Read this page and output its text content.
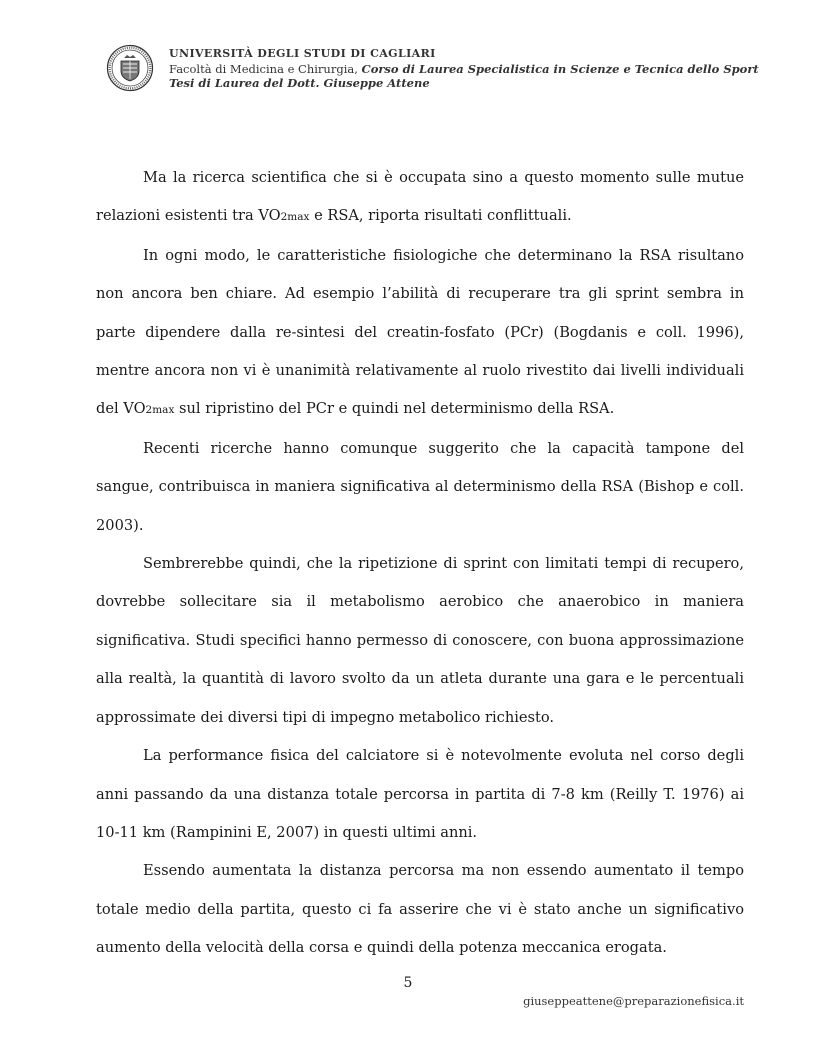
UNIVERSITÀ DEGLI STUDI DI CAGLIARI
Facoltà di Medicina e Chirurgia, Corso di Laurea Specialistica in Scienze e Tecnica dello Sport
Tesi di Laurea del Dott. Giuseppe Attene

Ma la ricerca scientifica che si è occupata sino a questo momento sulle mutue relazioni esistenti tra VO2max e RSA, riporta risultati conflittuali.

In ogni modo, le caratteristiche fisiologiche che determinano la RSA risultano non ancora ben chiare. Ad esempio l’abilità di recuperare tra gli sprint sembra in parte dipendere dalla re-sintesi del creatin-fosfato (PCr) (Bogdanis e coll. 1996), mentre ancora non vi è unanimità relativamente al ruolo rivestito dai livelli individuali del VO2max sul ripristino del PCr e quindi nel determinismo della RSA.

Recenti ricerche hanno comunque suggerito che la capacità tampone del sangue, contribuisca in maniera significativa al determinismo della RSA (Bishop e coll. 2003).

Sembrerebbe quindi, che la ripetizione di sprint con limitati tempi di recupero, dovrebbe sollecitare sia il metabolismo aerobico che anaerobico in maniera significativa. Studi specifici hanno permesso di conoscere, con buona approssimazione alla realtà, la quantità di lavoro svolto da un atleta durante una gara e le percentuali approssimate dei diversi tipi di impegno metabolico richiesto.

La performance fisica del calciatore si è notevolmente evoluta nel corso degli anni passando da una distanza totale percorsa in partita di 7-8 km (Reilly T. 1976) ai 10-11 km (Rampinini E, 2007) in questi ultimi anni.

Essendo aumentata la distanza percorsa ma non essendo aumentato il tempo totale medio della partita, questo ci fa asserire che vi è stato anche un significativo aumento della velocità della corsa e quindi della potenza meccanica erogata.

5
giuseppeattene@preparazionefisica.it
